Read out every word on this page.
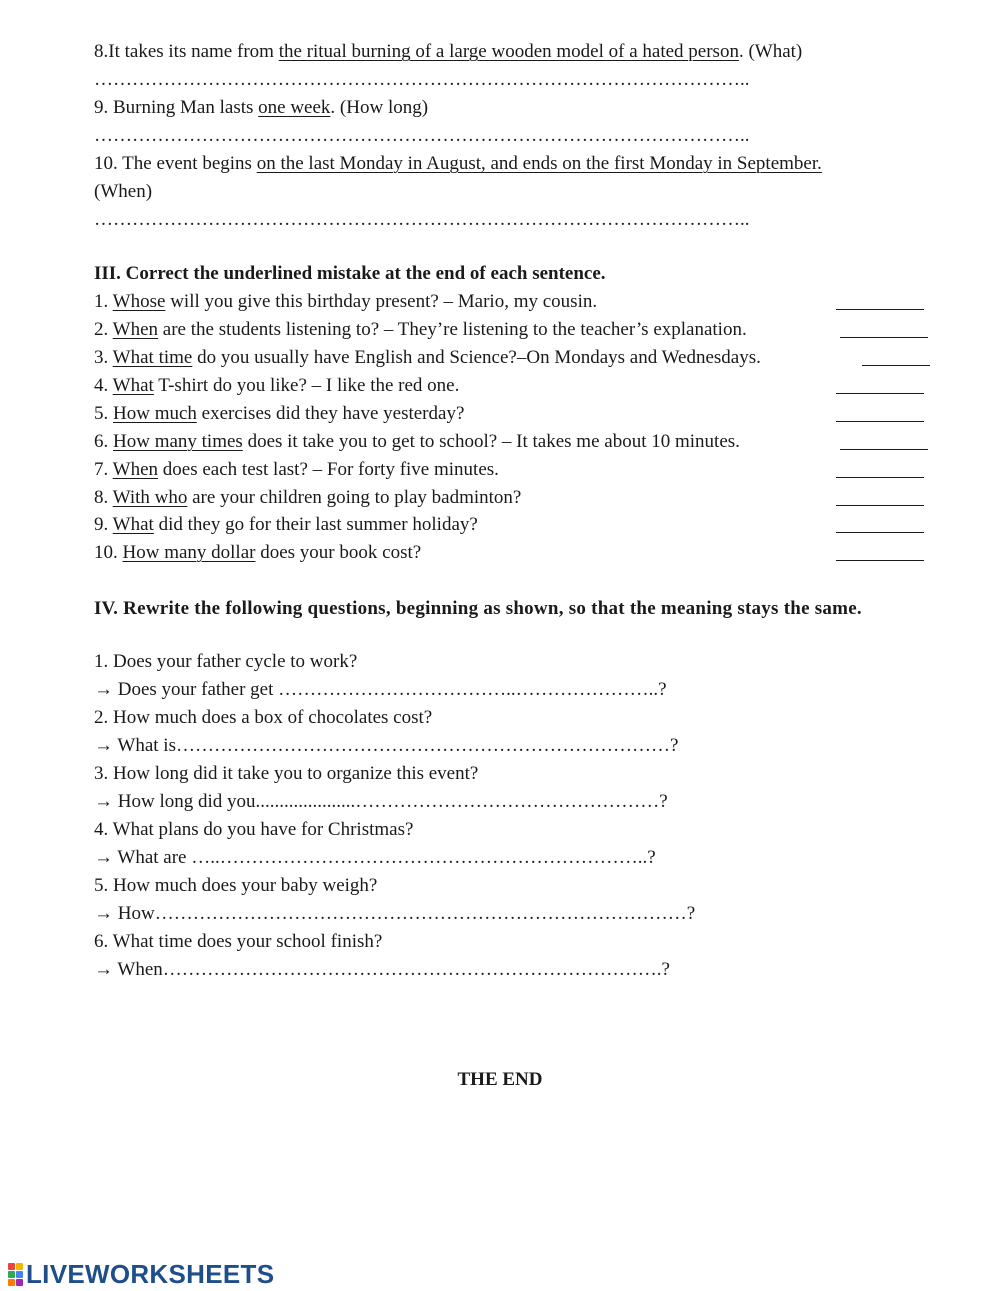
8.It takes its name from the ritual burning of a large wooden model of a hated person. (What)
…………………………………………………………………………………………..
9. Burning Man lasts one week. (How long)
…………………………………………………………………………………………..
10. The event begins on the last Monday in August, and ends on the first Monday in September.
(When)
…………………………………………………………………………………………..
III. Correct the underlined mistake at the end of each sentence.
1. Whose will you give this birthday present? – Mario, my cousin.
2. When are the students listening to? – They’re listening to the teacher’s explanation.
3. What time do you usually have English and Science?–On Mondays and Wednesdays.
4. What T-shirt do you like? – I like the red one.
5. How much exercises did they have yesterday?
6. How many times does it take you to get to school? – It takes me about 10 minutes.
7. When does each test last? – For forty five minutes.
8. With who are your children going to play badminton?
9. What did they go for their last summer holiday?
10. How many dollar does your book cost?
IV. Rewrite the following questions, beginning as shown, so that the meaning stays the same.
1. Does your father cycle to work?
→ Does your father get ………………………………..…………………..?
2. How much does a box of chocolates cost?
→ What is……………………………………………………………………?
3. How long did it take you to organize this event?
→ How long did you.....................…………………………………………?
4. What plans do you have for Christmas?
→ What are …..…………………………………………………………..?
5. How much does your baby weigh?
→ How…………………………………………………………………………?
6. What time does your school finish?
→ When…………………………………………………………………….?
THE END
LIVEWORKSHEETS
